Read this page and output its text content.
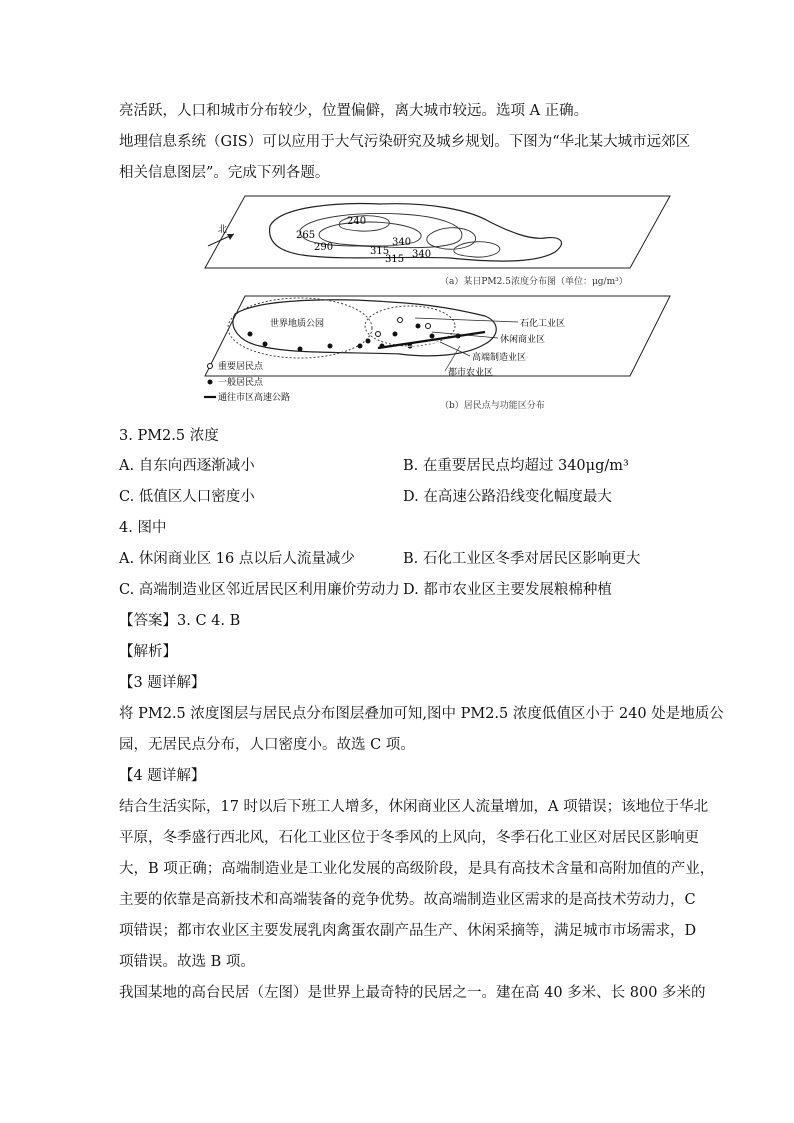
亮活跃，人口和城市分布较少，位置偏僻，离大城市较远。选项 A 正确。
地理信息系统（GIS）可以应用于大气污染研究及城乡规划。下图为“华北某大城市远郊区
相关信息图层”。完成下列各题。
240
265
290	315
340
315 340
北
（a）某日PM2.5浓度分布图（单位：μg/m³）
世界地质公园	石化工业区
休闲商业区
高端制造业区
都市农业区
重要居民点
一般居民点
通往市区高速公路
（b）居民点与功能区分布
3. PM2.5 浓度
A. 自东向西逐渐减小	B. 在重要居民点均超过 340μg/m³
C. 低值区人口密度小	D. 在高速公路沿线变化幅度最大
4. 图中
A. 休闲商业区 16 点以后人流量减少	B. 石化工业区冬季对居民区影响更大
C. 高端制造业区邻近居民区利用廉价劳动力 D. 都市农业区主要发展粮棉种植
【答案】3. C 4. B
【解析】
【3 题详解】
将 PM2.5 浓度图层与居民点分布图层叠加可知,图中 PM2.5 浓度低值区小于 240 处是地质公
园，无居民点分布，人口密度小。故选 C 项。
【4 题详解】
结合生活实际，17 时以后下班工人增多，休闲商业区人流量增加，A 项错误；该地位于华北
平原，冬季盛行西北风，石化工业区位于冬季风的上风向，冬季石化工业区对居民区影响更
大，B 项正确；高端制造业是工业化发展的高级阶段，是具有高技术含量和高附加值的产业，
主要的依靠是高新技术和高端装备的竞争优势。故高端制造业区需求的是高技术劳动力，C
项错误；都市农业区主要发展乳肉禽蛋农副产品生产、休闲采摘等，满足城市市场需求，D
项错误。故选 B 项。
我国某地的高台民居（左图）是世界上最奇特的民居之一。建在高 40 多米、长 800 多米的
